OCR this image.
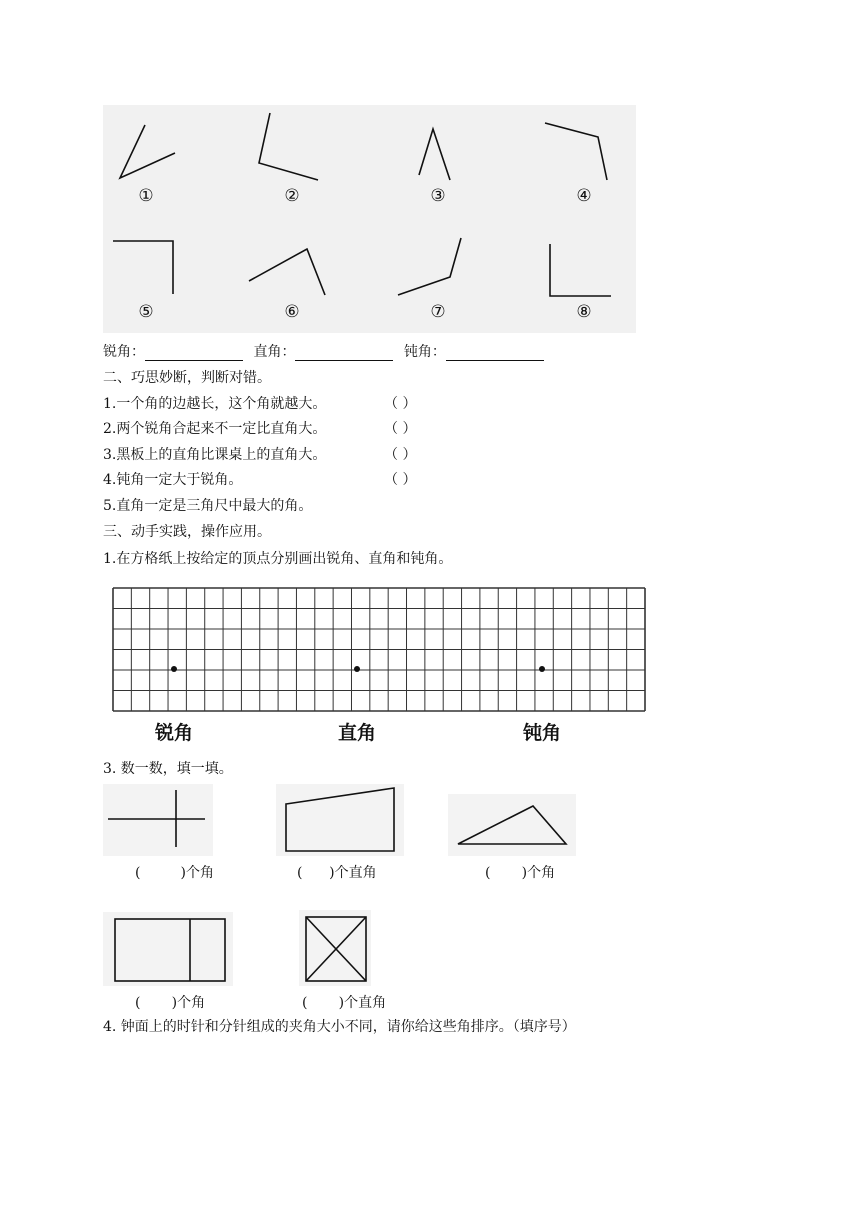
①	②	③	④
⑤	⑥	⑦	⑧
锐角：	直角：	钝角：
二、巧思妙断，判断对错。
1.一个角的边越长，这个角就越大。	（ ）
2.两个锐角合起来不一定比直角大。	（ ）
3.黑板上的直角比课桌上的直角大。	（ ）
4.钝角一定大于锐角。	（ ）
5.直角一定是三角尺中最大的角。
三、动手实践，操作应用。
1.在方格纸上按给定的顶点分别画出锐角、直角和钝角。
锐角	直角	钝角
3. 数一数，填一填。
(         )个角	(      )个直角	(       )个角
(       )个角	(       )个直角
4. 钟面上的时针和分针组成的夹角大小不同，请你给这些角排序。（填序号）
